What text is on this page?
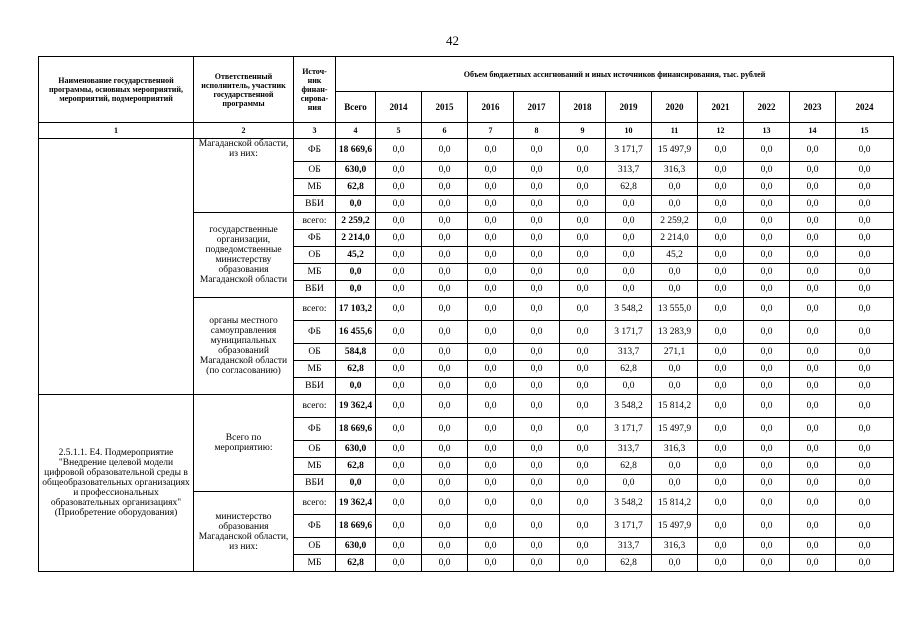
42
Наименование государственной программы, основных мероприятий, мероприятий, подмероприятий	Ответственный исполнитель, участник государственной программы	Источ-ник финан-сирова-ния	Объем бюджетных ассигнований и иных источников финансирования, тыс. рублей											
			Всего	2014	2015	2016	2017	2018	2019	2020	2021	2022	2023	2024
1	2	3	4	5	6	7	8	9	10	11	12	13	14	15
	Магаданской области, из них:	ФБ	18 669,6	0,0	0,0	0,0	0,0	0,0	3 171,7	15 497,9	0,0	0,0	0,0	0,0
		ОБ	630,0	0,0	0,0	0,0	0,0	0,0	313,7	316,3	0,0	0,0	0,0	0,0
		МБ	62,8	0,0	0,0	0,0	0,0	0,0	62,8	0,0	0,0	0,0	0,0	0,0
		ВБИ	0,0	0,0	0,0	0,0	0,0	0,0	0,0	0,0	0,0	0,0	0,0	0,0
	государственные организации, подведомственные министерству образования Магаданской области	всего:	2 259,2	0,0	0,0	0,0	0,0	0,0	0,0	2 259,2	0,0	0,0	0,0	0,0
		ФБ	2 214,0	0,0	0,0	0,0	0,0	0,0	0,0	2 214,0	0,0	0,0	0,0	0,0
		ОБ	45,2	0,0	0,0	0,0	0,0	0,0	0,0	45,2	0,0	0,0	0,0	0,0
		МБ	0,0	0,0	0,0	0,0	0,0	0,0	0,0	0,0	0,0	0,0	0,0	0,0
		ВБИ	0,0	0,0	0,0	0,0	0,0	0,0	0,0	0,0	0,0	0,0	0,0	0,0
	органы местного самоуправления муниципальных образований Магаданской области (по согласованию)	всего:	17 103,2	0,0	0,0	0,0	0,0	0,0	3 548,2	13 555,0	0,0	0,0	0,0	0,0
		ФБ	16 455,6	0,0	0,0	0,0	0,0	0,0	3 171,7	13 283,9	0,0	0,0	0,0	0,0
		ОБ	584,8	0,0	0,0	0,0	0,0	0,0	313,7	271,1	0,0	0,0	0,0	0,0
		МБ	62,8	0,0	0,0	0,0	0,0	0,0	62,8	0,0	0,0	0,0	0,0	0,0
		ВБИ	0,0	0,0	0,0	0,0	0,0	0,0	0,0	0,0	0,0	0,0	0,0	0,0
2.5.1.1. Е4. Подмероприятие "Внедрение целевой модели цифровой образовательной среды в общеобразовательных организациях и профессиональных образовательных организациях" (Приобретение оборудования)	Всего по мероприятию:	всего:	19 362,4	0,0	0,0	0,0	0,0	0,0	3 548,2	15 814,2	0,0	0,0	0,0	0,0
		ФБ	18 669,6	0,0	0,0	0,0	0,0	0,0	3 171,7	15 497,9	0,0	0,0	0,0	0,0
		ОБ	630,0	0,0	0,0	0,0	0,0	0,0	313,7	316,3	0,0	0,0	0,0	0,0
		МБ	62,8	0,0	0,0	0,0	0,0	0,0	62,8	0,0	0,0	0,0	0,0	0,0
		ВБИ	0,0	0,0	0,0	0,0	0,0	0,0	0,0	0,0	0,0	0,0	0,0	0,0
	министерство образования Магаданской области, из них:	всего:	19 362,4	0,0	0,0	0,0	0,0	0,0	3 548,2	15 814,2	0,0	0,0	0,0	0,0
		ФБ	18 669,6	0,0	0,0	0,0	0,0	0,0	3 171,7	15 497,9	0,0	0,0	0,0	0,0
		ОБ	630,0	0,0	0,0	0,0	0,0	0,0	313,7	316,3	0,0	0,0	0,0	0,0
		МБ	62,8	0,0	0,0	0,0	0,0	0,0	62,8	0,0	0,0	0,0	0,0	0,0
